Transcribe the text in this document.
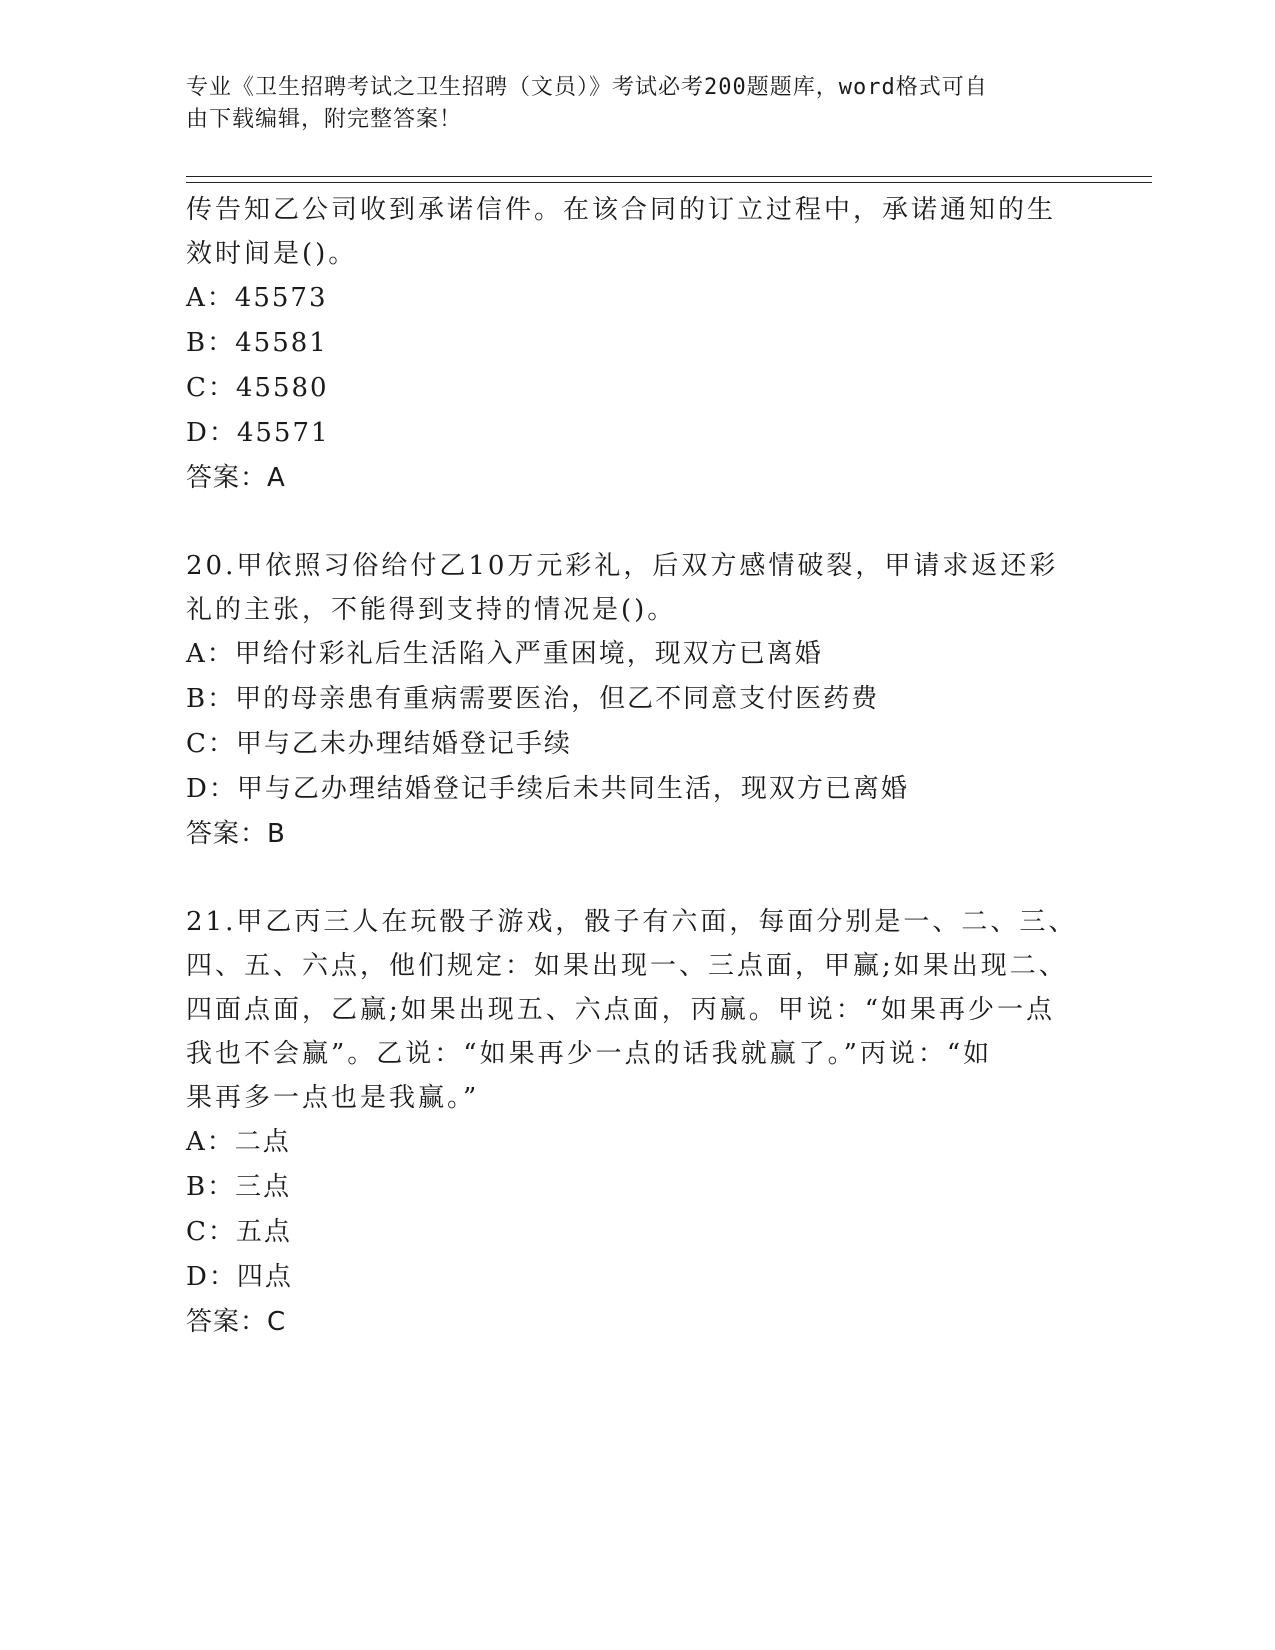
专业《卫生招聘考试之卫生招聘（文员）》考试必考200题题库，word格式可自
由下载编辑，附完整答案！
传告知乙公司收到承诺信件。在该合同的订立过程中，承诺通知的生
效时间是()。
A：45573
B：45581
C：45580
D：45571
答案：A
20.甲依照习俗给付乙10万元彩礼，后双方感情破裂，甲请求返还彩
礼的主张，不能得到支持的情况是()。
A：甲给付彩礼后生活陷入严重困境，现双方已离婚
B：甲的母亲患有重病需要医治，但乙不同意支付医药费
C：甲与乙未办理结婚登记手续
D：甲与乙办理结婚登记手续后未共同生活，现双方已离婚
答案：B
21.甲乙丙三人在玩骰子游戏，骰子有六面，每面分别是一、二、三、
四、五、六点，他们规定：如果出现一、三点面，甲赢;如果出现二、
四面点面，乙赢;如果出现五、六点面，丙赢。甲说：“如果再少一点
我也不会赢”。乙说：“如果再少一点的话我就赢了。”丙说：“如
果再多一点也是我赢。”
A：二点
B：三点
C：五点
D：四点
答案：C
